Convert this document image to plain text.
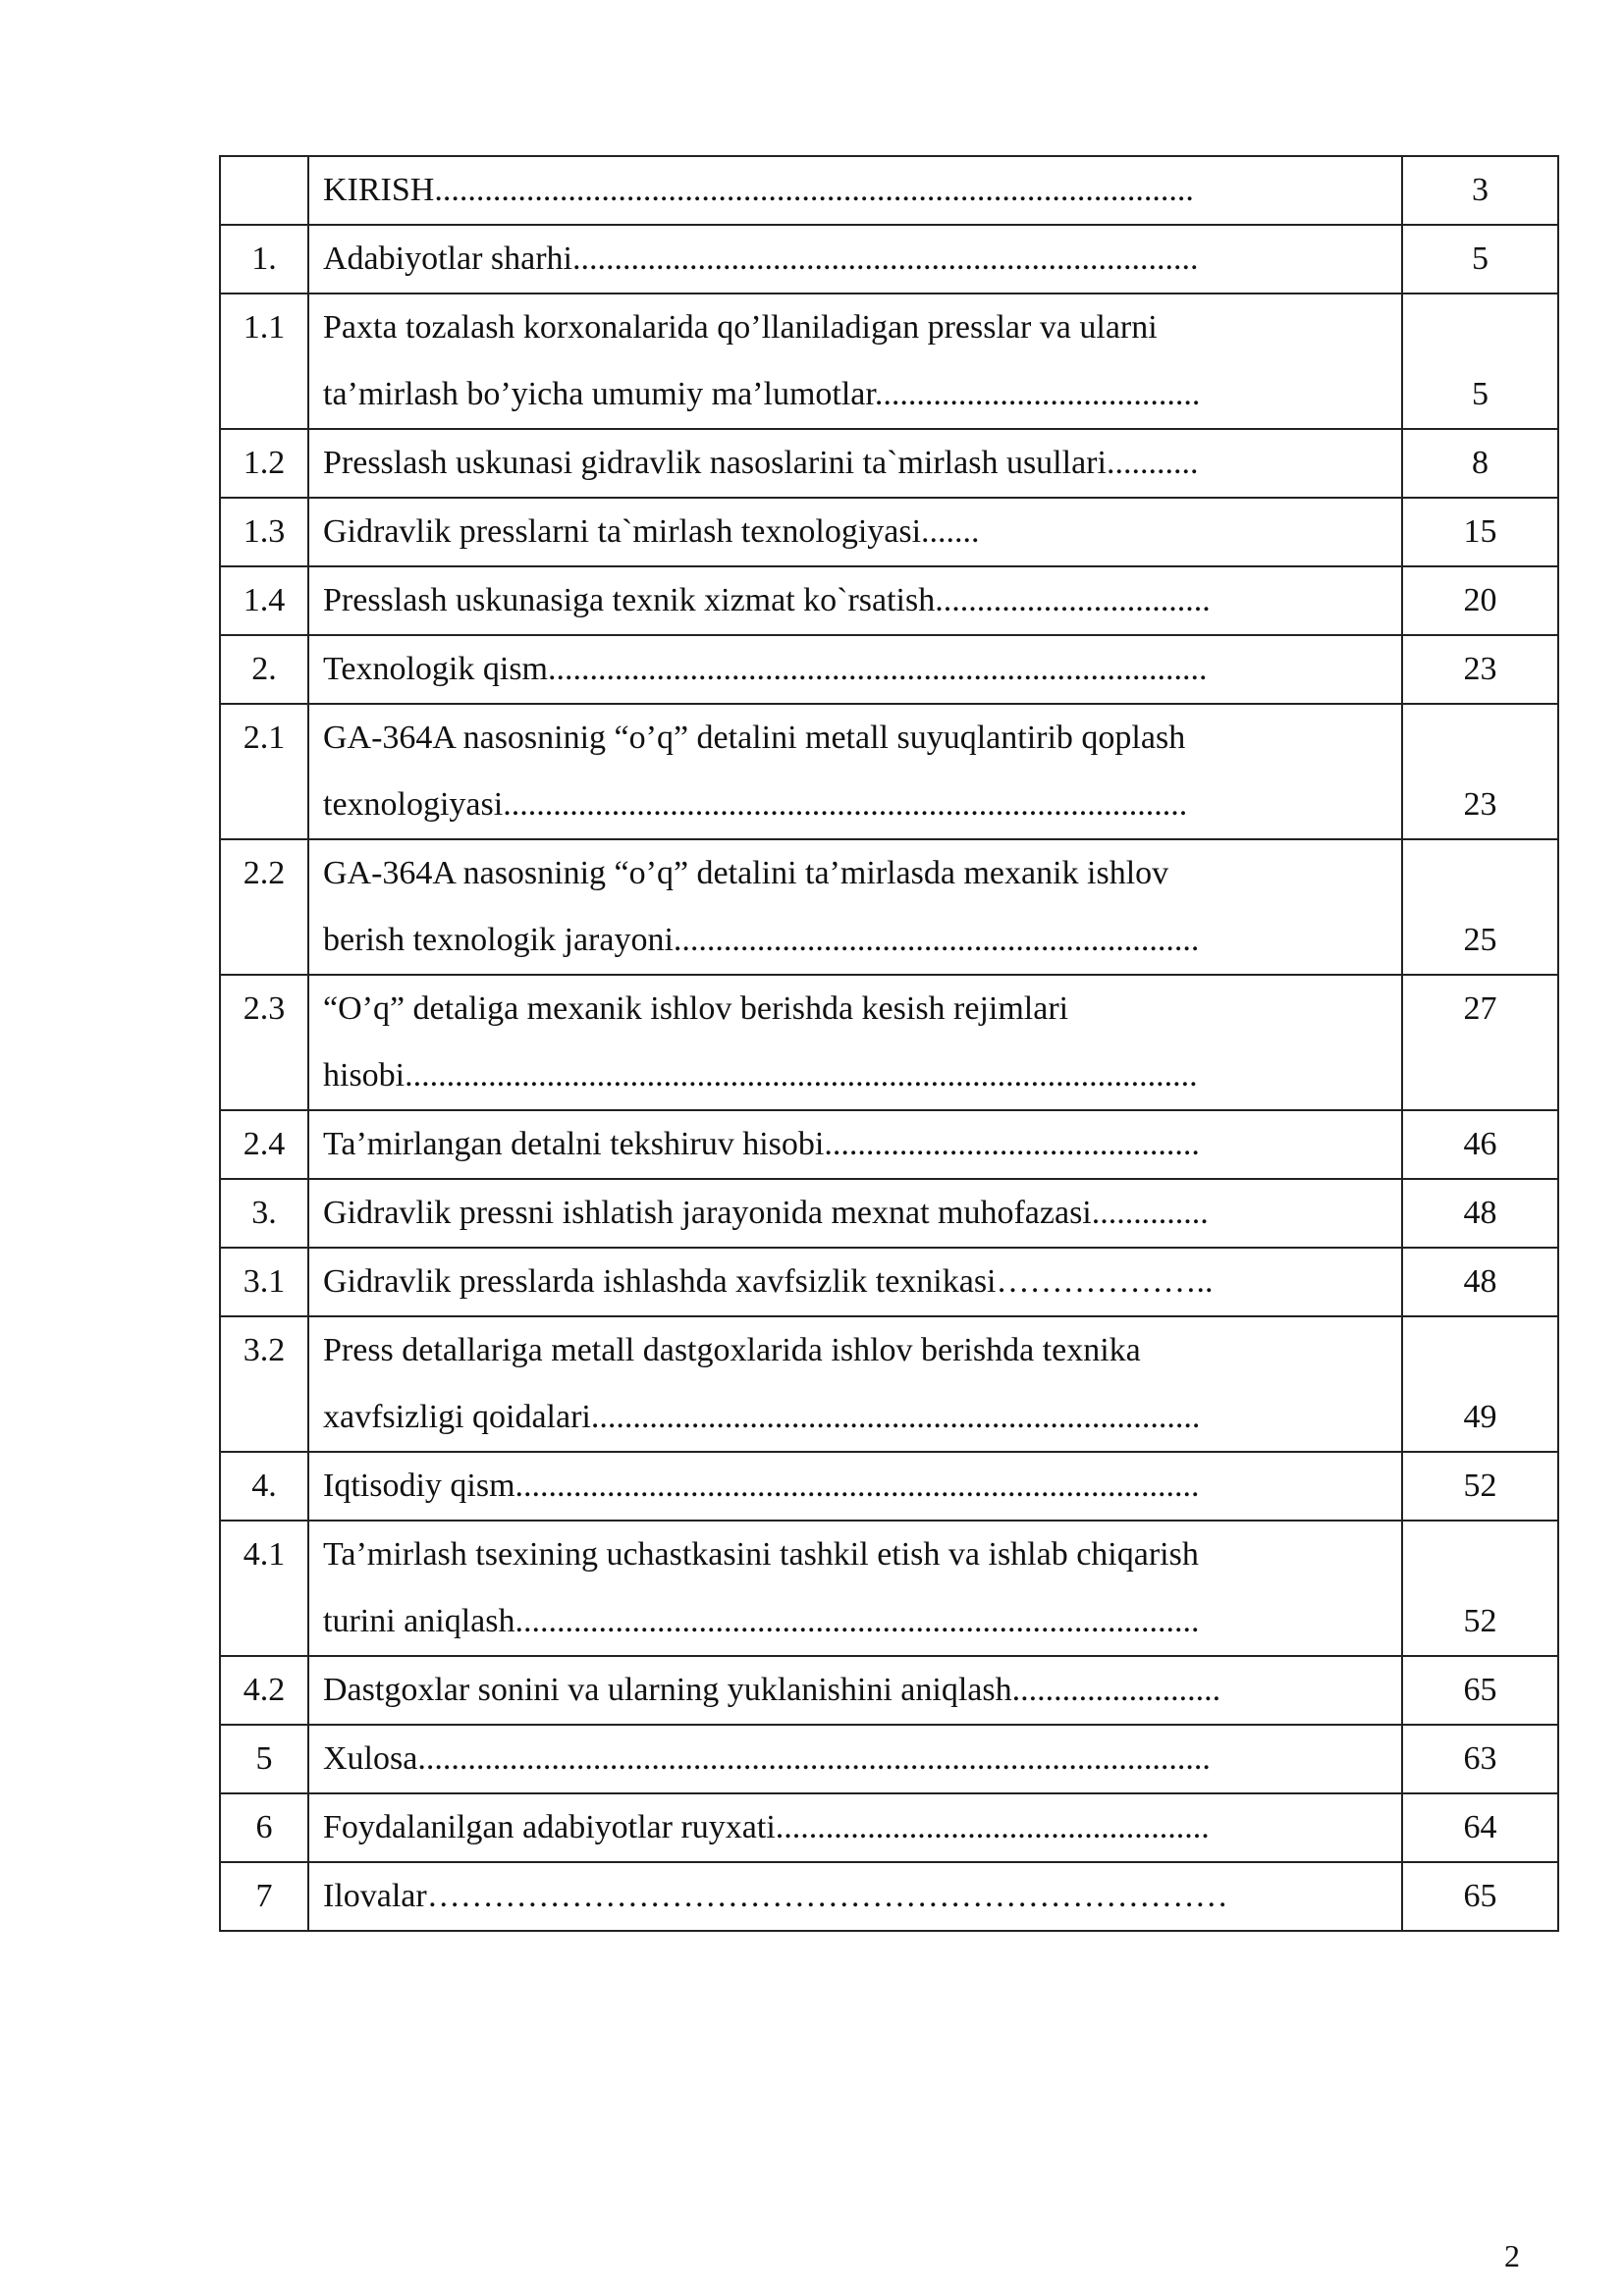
	KIRISH...........................................................................................	3
1.	Adabiyotlar sharhi...........................................................................	5
1.1	Paxta tozalash korxonalarida qo’llaniladigan presslar va ularni
ta’mirlash bo’yicha umumiy ma’lumotlar.......................................	5
1.2	Presslash uskunasi gidravlik nasoslarini ta`mirlash usullari...........	8
1.3	Gidravlik presslarni ta`mirlash texnologiyasi.......	15
1.4	Presslash uskunasiga texnik xizmat ko`rsatish.................................	20
2.	Texnologik qism...............................................................................	23
2.1	GA-364A nasosninig “o’q” detalini metall suyuqlantirib qoplash
texnologiyasi..................................................................................	23
2.2	GA-364A nasosninig “o’q” detalini ta’mirlasda mexanik ishlov
berish texnologik jarayoni...............................................................	25
2.3	“O’q” detaliga mexanik ishlov berishda kesish rejimlari
hisobi...............................................................................................	27
2.4	Ta’mirlangan detalni tekshiruv hisobi.............................................	46
3.	Gidravlik pressni ishlatish jarayonida mexnat muhofazasi..............	48
3.1	Gidravlik presslarda ishlashda xavfsizlik texnikasi………………..	48
3.2	Press detallariga metall dastgoxlarida ishlov berishda texnika
xavfsizligi qoidalari.........................................................................	49
4.	Iqtisodiy qism..................................................................................	52
4.1	Ta’mirlash tsexining uchastkasini tashkil etish va ishlab chiqarish
turini aniqlash..................................................................................	52
4.2	Dastgoxlar sonini va ularning yuklanishini aniqlash.........................	65
5	Xulosa...............................................................................................	63
6	Foydalanilgan adabiyotlar ruyxati....................................................	64
7	Ilovalar………………………………………………………………	65
2
